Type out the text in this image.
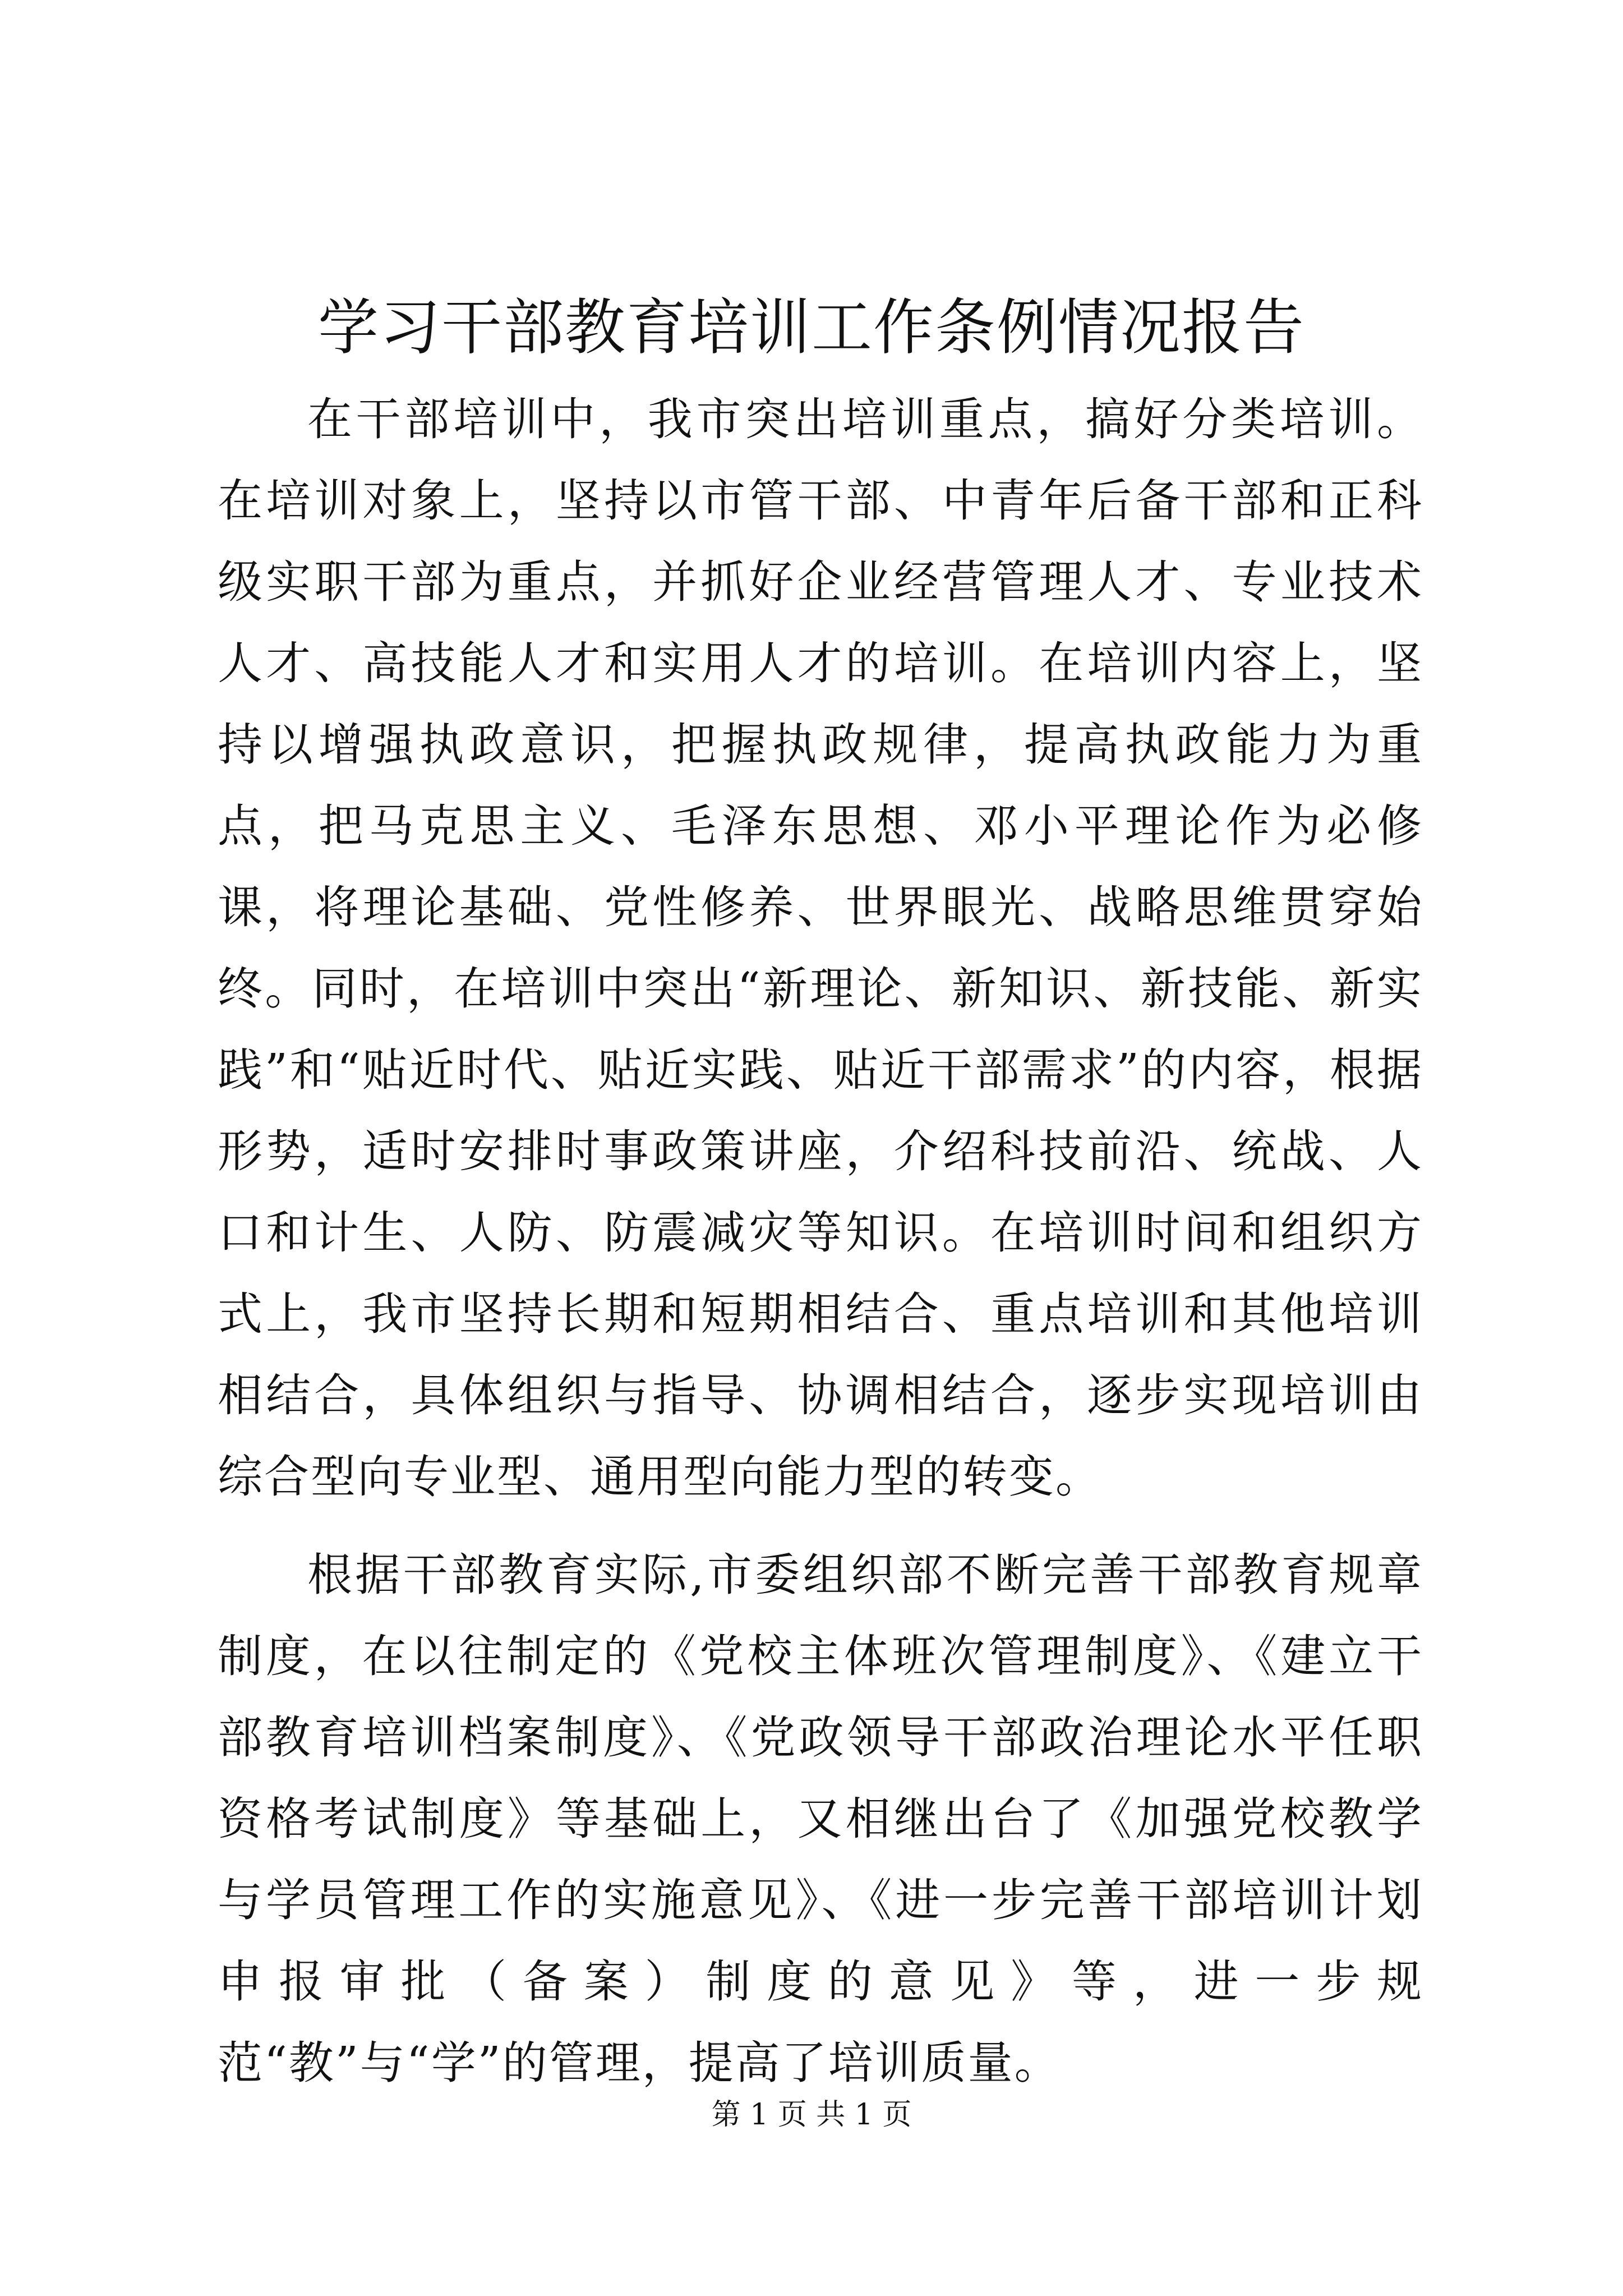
学习干部教育培训工作条例情况报告

在干部培训中，我市突出培训重点，搞好分类培训。在培训对象上，坚持以市管干部、中青年后备干部和正科级实职干部为重点，并抓好企业经营管理人才、专业技术人才、高技能人才和实用人才的培训。在培训内容上，坚持以增强执政意识，把握执政规律，提高执政能力为重点，把马克思主义、毛泽东思想、邓小平理论作为必修课，将理论基础、党性修养、世界眼光、战略思维贯穿始终。同时，在培训中突出“新理论、新知识、新技能、新实践”和“贴近时代、贴近实践、贴近干部需求”的内容，根据形势，适时安排时事政策讲座，介绍科技前沿、统战、人口和计生、人防、防震减灾等知识。在培训时间和组织方式上，我市坚持长期和短期相结合、重点培训和其他培训相结合，具体组织与指导、协调相结合，逐步实现培训由综合型向专业型、通用型向能力型的转变。

根据干部教育实际,市委组织部不断完善干部教育规章制度，在以往制定的《党校主体班次管理制度》、《建立干部教育培训档案制度》、《党政领导干部政治理论水平任职资格考试制度》等基础上，又相继出台了《加强党校教学与学员管理工作的实施意见》、《进一步完善干部培训计划申报审批（备案）制度的意见》等，进一步规范“教”与“学”的管理，提高了培训质量。

第 1 页 共 1 页
